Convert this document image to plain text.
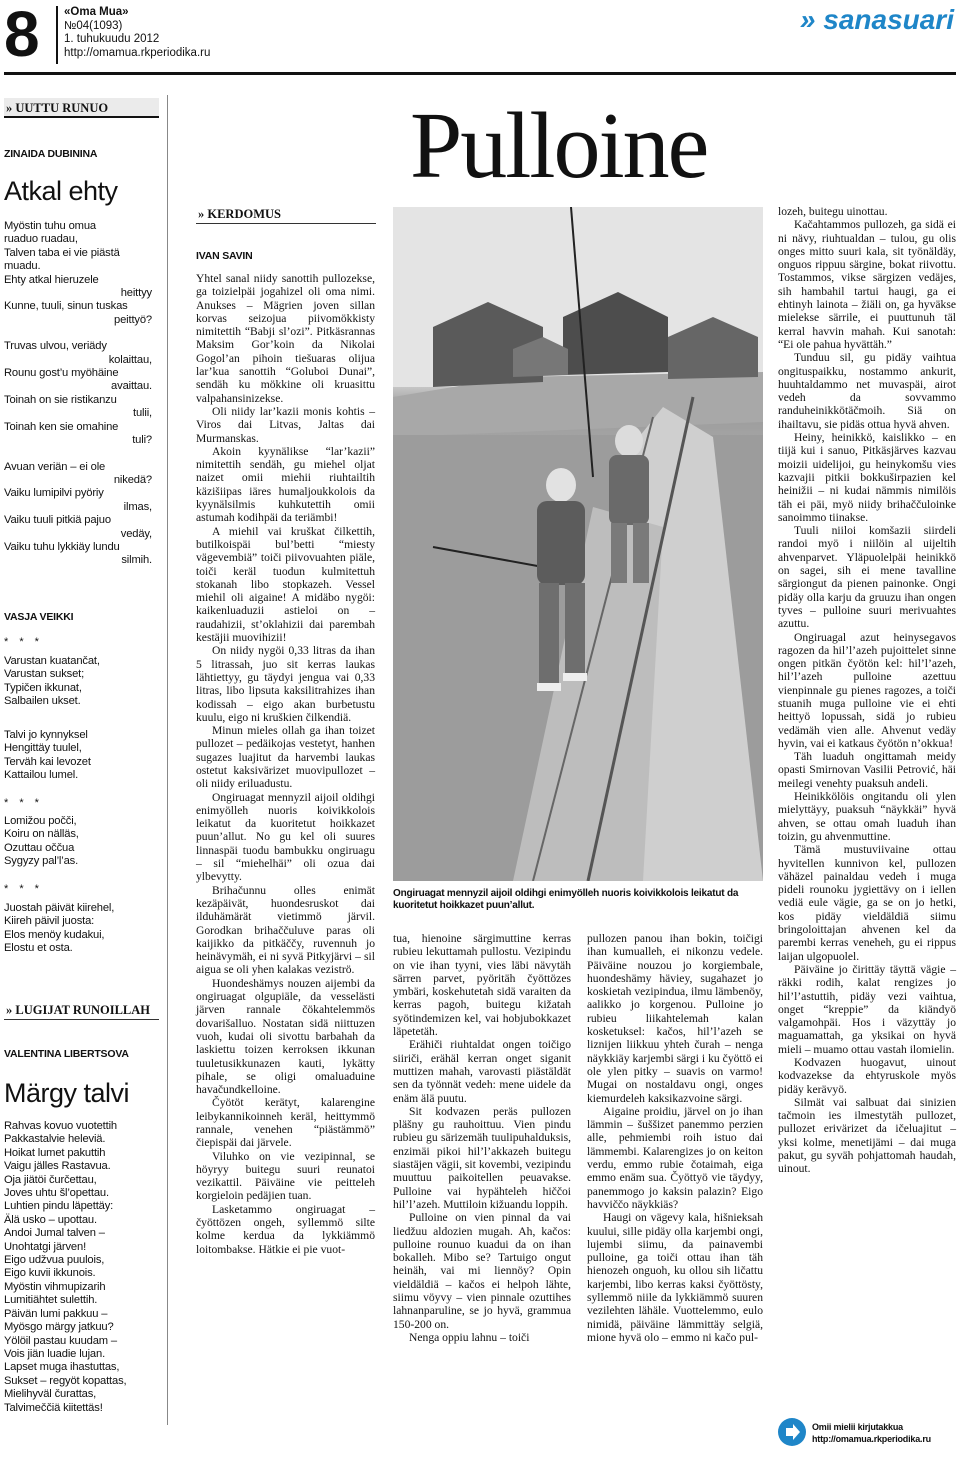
8 «Oma Mua»
№04(1093)
1. tuhukuudu 2012
http://omamua.rkperiodika.ru
» sanasuari
» UUTTU RUNUO
ZINAIDA DUBININA
Atkal ehty
Myöstin tuhu omua
ruaduo ruadau,
Talven taba ei vie piästä
muadu.
Ehty atkal hieruzele
heittyy
Kunne, tuuli, sinun tuskas
peittyö?
Truvas ulvou, veriädy
kolaittau,
Rounu gost’u myöhäine
avaittau.
Toinah on sie ristikanzu
tulii,
Toinah ken sie omahine
tuli?
Avuan veriän – ei ole
nikedä?
Vaiku lumipilvi pyöriy
ilmas,
Vaiku tuuli pitkiä pajuo
vedäy,
Vaiku tuhu lykkiäy lundu
silmih.
VASJA VEIKKI
* * *
Varustan kuatančat,
Varustan sukset;
Typičen ikkunat,
Salbailen ukset.
Talvi jo kynnyksel
Hengittäy tuulel,
Terväh kai levozet
Kattailou lumel.
* * *
Lomižou počči,
Koiru on nälläs,
Ozuttau oččua
Sygyzy pal’l’as.
* * *
Juostah päivät kiirehel,
Kiireh päivil juosta:
Elos menöy kudakui,
Elostu et osta.
» LUGIJAT RUNOILLAH
VALENTINA LIBERTSOVA
Märgy talvi
Rahvas kovuo vuotettih
Pakkastalvie heleviä.
Hoikat lumet pakuttih
Vaigu jälles Rastavua.
Oja jiätöi čurčettau,
Joves uhtu šl’opettau.
Luhtien pindu läpettäy:
Älä usko – upottau.
Andoi Jumal talven –
Unohtatgi järven!
Eigo udžvua puulois,
Eigo kuvii ikkunois.
Myöstin vihmupizarih
Lumitiähtet sulettih.
Päivän lumi pakkuu –
Myösgo märgy jatkuu?
Yölöil pastau kuudam –
Vois jiän luadie lujan.
Lapset muga ihastuttas,
Sukset – regyöt kopattas,
Mielihyväl čurattas,
Talvimeččiä kiitettäs!
Pulloine
» KERDOMUS
IVAN SAVIN
Ongiruagat mennyzil aijoil oldihgi enimyölleh nuoris koivikkolois leikatut da kuoritetut hoikkazet puun’allut.

Yhtel sanal niidy sanottih pullozekse, ga toizielpäi jogahizel oli oma nimi. Anukses – Mägrien joven sillan korvas seizojua piivomökkisty nimitettih “Babji sl’ozi”. Pitkäsrannas Maksim Gor’koin da Nikolai Gogol’an pihoin tiešuaras olijua lar’kua sanottih “Goluboi Dunai”, sendäh ku mökkine oli kruasittu valpahansinizekse.

Oli niidy lar’kazii monis kohtis – Viros dai Litvas, Jaltas dai Murmanskas.

Akoin kyynälikse “lar’kazii” nimitettih sendäh, gu miehel oljat naizet omii miehii riuhtailtih käzišiipas iäres humaljoukkolois da kyynälsilmis kuhkutettih omii astumah kodihpäi da teriämbi!

A miehil vai kruškat čilkettih, butilkoispäi bul’betti “miesty vägevembiä” toiči piivovuahten piäle, toiči keräl tuodun kulmitettuh stokanah libo stopkazeh. Vessel miehil oli aigaine! A midäbo nygöi: kaikenluaduzii astieloi on – raudahizii, st’oklahizii dai parembah kestäjii muovihizii!

On niidy nygöi 0,33 litras da ihan 5 litrassah, juo sit kerras laukas lähtiettyy, gu täydyi jengua vai 0,33 litras, libo lipsuta kaksilitrahizes ihan kodissah – eigo akan burbetustu kuulu, eigo ni kruškien čilkendiä.

Minun mieles ollah ga ihan toizet pullozet – pedäikojas vestetyt, hanhen sugazes luajitut da harvembi laukas ostetut kaksivärizet muovipullozet – oli niidy eriluadustu.

Ongiruagat mennyzil aijoil oldihgi enimyölleh nuoris koivikkolois leikatut da kuoritetut hoikkazet puun’allut. No gu kel oli suures linnaspäi tuodu bambukku ongiruagu – sil “miehelhäi” oli ozua dai ylbevytty.

Brihačunnu olles enimät kezäpäivät, huondesruskot dai ilduhämärät vietimmö järvil. Gorodkan brihaččuluve paras oli kaijikko da pitkäččy, ruvennuh jo heinävymäh, ei ni syvä Pitkyjärvi – sil aigua se oli yhen kalakas veziströ.

Huondeshämys nouzen aijembi da ongiruagat olgupiäle, da vesselästi järven rannale čökahtelemmös dovarišalluo. Nostatan sidä niittuzen vuoh, kudai oli sivottu barbahah da laskiettu toizen kerroksen ikkunan tuuletusikkunazen kauti, lykätty pihale, se oligi omaluaduine havačundkelloine.

Čyötöt kerätyt, kalarengine leibykannikoinneh keräl, heittymmö rannale, venehen “piästämmö” čiepispäi dai järvele.

Viluhko on vie vezipinnal, se höyryy buitegu suuri reunatoi vezikattil. Päiväine vie peitteleh korgieloin pedäjien tuan.

Lasketammo ongiruagat – čyöttözen ongeh, syllemmö silte kolme kerdua da lykkiämmö loitombakse. Hätkie ei pie vuot-

tua, hienoine särgimuttine kerras rubieu lekuttamah pullostu. Vezipindu on vie ihan tyyni, vies läbi nävytäh särren parvet, pyöritäh čyöttözes ymbäri, koskehutetah sidä varaiten da kerras pagoh, buitegu kižatah syötindemizen kel, vai hobjubokkazet läpetetäh.

Erähiči riuhtaldat ongen toičigo siiriči, erähäl kerran onget siganit muttizen mahah, varovasti piästäldät sen da työnnät vedeh: mene uidele da enäm älä puutu.

Sit kodvazen peräs pullozen pläšny gu rauhoittuu. Vien pindu rubieu gu särizemäh tuulipuhalduksis, enzimäi pikoi hil’l’akkazeh buitegu siastäjen vägii, sit kovembi, vezipindu muuttuu paikoitellen peuavakse. Pulloine vai hypähteleh hiččoi hil’l’azeh. Muttiloin kižuandu loppih.

Pulloine on vien pinnal da vai liedžuu aldozien mugah. Ah, kačos: pulloine rounuo kuadui da on ihan bokalleh. Mibo se? Tartuigo ongut heinäh, vai mi liennöy? Opin vieldäldiä – kačos ei helpoh lähte, siimu vöyvy – vien pinnale ozuttihes lahnanparuline, se jo hyvä, grammua 150-200 on.

Nenga oppiu lahnu – toiči

pullozen panou ihan bokin, toičigi ihan kumualleh, ei nikonzu vedele. Päiväine nouzou jo korgiembale, huondeshämy häviey, sugahazet jo koskietah vezipindua, ilmu lämbenöy, aalikko jo korgenou. Pulloine jo rubieu liikahtelemah kalan kosketuksel: kačos, hil’l’azeh se liznijen liikkuu yhteh čurah – nenga näykkiäy karjembi särgi i ku čyöttö ei ole ylen pitky – suavis on varmo! Mugai on nostaldavu ongi, onges kiemurdeleh kaksikazvoine särgi.

Aigaine proidiu, järvel on jo ihan lämmin – šuššizet panemmo perzien alle, pehmiembi roih istuo dai lämmembi. Kalarengizes jo on keiton verdu, emmo rubie čotaimah, eiga emmo enäm sua. Čyöttyö vie täydyy, panemmogo jo kaksin palazin? Eigo havviččo näykkiäs?

Haugi on vägevy kala, hišnieksah kuului, sille pidäy olla karjembi ongi, lujembi siimu, da painavembi pulloine, ga toiči ottau ihan täh hienozeh onguoh, ku ollou sih ličattu karjembi, libo kerras kaksi čyöttösty, syllemmö niile da lykkiämmö suuren vezilehten lähäle. Vuottelemmo, eulo nimidä, päiväine lämmittäy selgiä, mione hyvä olo – emmo ni kačo pul-

lozeh, buitegu uinottau.

Kačahtammos pullozeh, ga sidä ei ni nävy, riuhtualdan – tulou, gu olis onges mitto suuri kala, sit työnäldäy, onguos rippuu särgine, bokat riivottu. Tostammos, vikse särgizen vedäjes, sih hambahil tartui haugi, ga ei ehtinyh lainota – žiäli on, ga hyväkse mielekse särrile, ei puuttunuh täl kerral havvin mahah. Kui sanotah: “Ei ole pahua hyvättäh.”

Tunduu sil, gu pidäy vaihtua ongituspaikku, nostammo ankurit, huuhtaldammo net muvaspäi, airot vedeh da sovvammo randuheinikkötäčmoih. Siä on ihailtavu, sie pidäs ottua hyvä ahven.

Heiny, heinikkö, kaislikko – en tiijä kui i sanuo, Pitkäsjärves kazvau moizii uidelijoi, gu heinykomšu vies kazvajii pitkii bokkuširpazien kel heinižii – ni kudai nämmis nimilöis täh ei päi, myö niidy brihaččuloinke sanoimmo tiinakse.

Tuuli niiloi komšazii siirdeli randoi myö i niilöin al uijeltih ahvenparvet. Yläpuolelpäi heinikkö on sagei, sih ei mene tavalline särgiongut da pienen painonke. Ongi pidäy olla karju da gruuzu ihan ongen tyves – pulloine suuri merivuahtes azuttu.

Ongiruagal azut heinysegavos ragozen da hil’l’azeh pujoittelet sinne ongen pitkän čyötön kel: hil’l’azeh, hil’l’azeh pulloine azettuu vienpinnale gu pienes ragozes, a toiči stuanih muga pulloine vie ei ehti heittyö lopussah, sidä jo rubieu vedämäh vien alle. Ahvenut vedäy hyvin, vai ei katkaus čyötön n’okkua!

Täh luaduh ongittamah meidy opasti Smirnovan Vasilii Petrović, häi meilegi venehty puaksuh andeli.

Heinikkölöis ongitandu oli ylen mielyttäyy, puaksuh “näykkäi” hyvä ahven, se ottau omah luaduh ihan toizin, gu ahvenmuttine.

Tämä mustuviivaine ottau hyvitellen kunnivon kel, pullozen vähäzel painaldau vedeh i muga pideli rounoku jygiettävy on i iellen vediä eule vägie, ga se on jo hetki, kos pidäy vieldäldiä siimu bringoloittajan ahvenen kel da parembi kerras veneheh, gu ei rippus laijan ulgopuolel.

Päiväine jo čirittäy täyttä vägie – räkki rodih, kalat rengizes jo hil’l’astuttih, pidäy vezi vaihtua, onget “kreppie” da kiändyö valgamohpäi. Hos i väzyttäy jo maguamattah, ga yksikai on hyvä mieli – muamo ottau vastah ilomielin.

Kodvazen huogavut, uinout kodvazekse da ehtyruskole myös pidäy kerävyö.

Silmät vai salbuat dai sinizien tačmoin ies ilmestytäh pullozet, pullozet erivärizet da ičeluajitut – yksi kolme, menetijämi – dai muga pakut, gu syväh pohjattomah haudah, uinout.

Omii mielii kirjutakkua
http://omamua.rkperiodika.ru
